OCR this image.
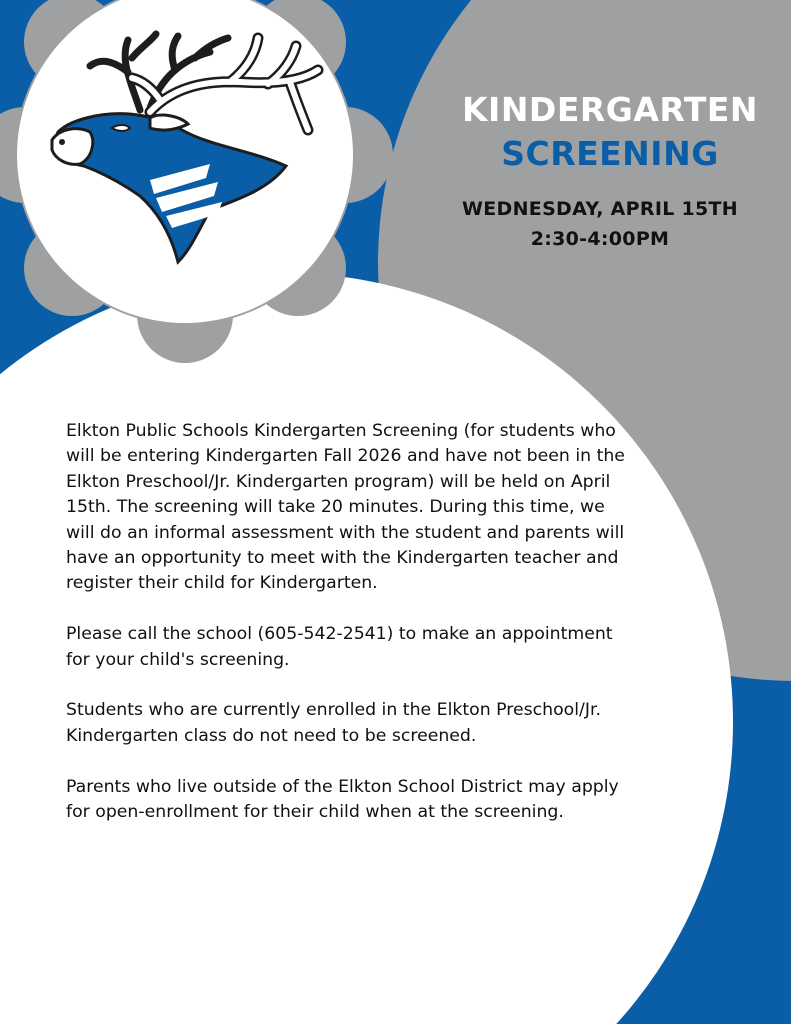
KINDERGARTEN
SCREENING
WEDNESDAY, APRIL 15TH
2:30-4:00PM

Elkton Public Schools Kindergarten Screening (for students who will be entering Kindergarten Fall 2026 and have not been in the Elkton Preschool/Jr. Kindergarten program) will be held on April 15th. The screening will take 20 minutes. During this time, we will do an informal assessment with the student and parents will have an opportunity to meet with the Kindergarten teacher and register their child for Kindergarten.

Please call the school (605-542-2541) to make an appointment for your child's screening.

Students who are currently enrolled in the Elkton Preschool/Jr. Kindergarten class do not need to be screened.

Parents who live outside of the Elkton School District may apply for open-enrollment for their child when at the screening.
